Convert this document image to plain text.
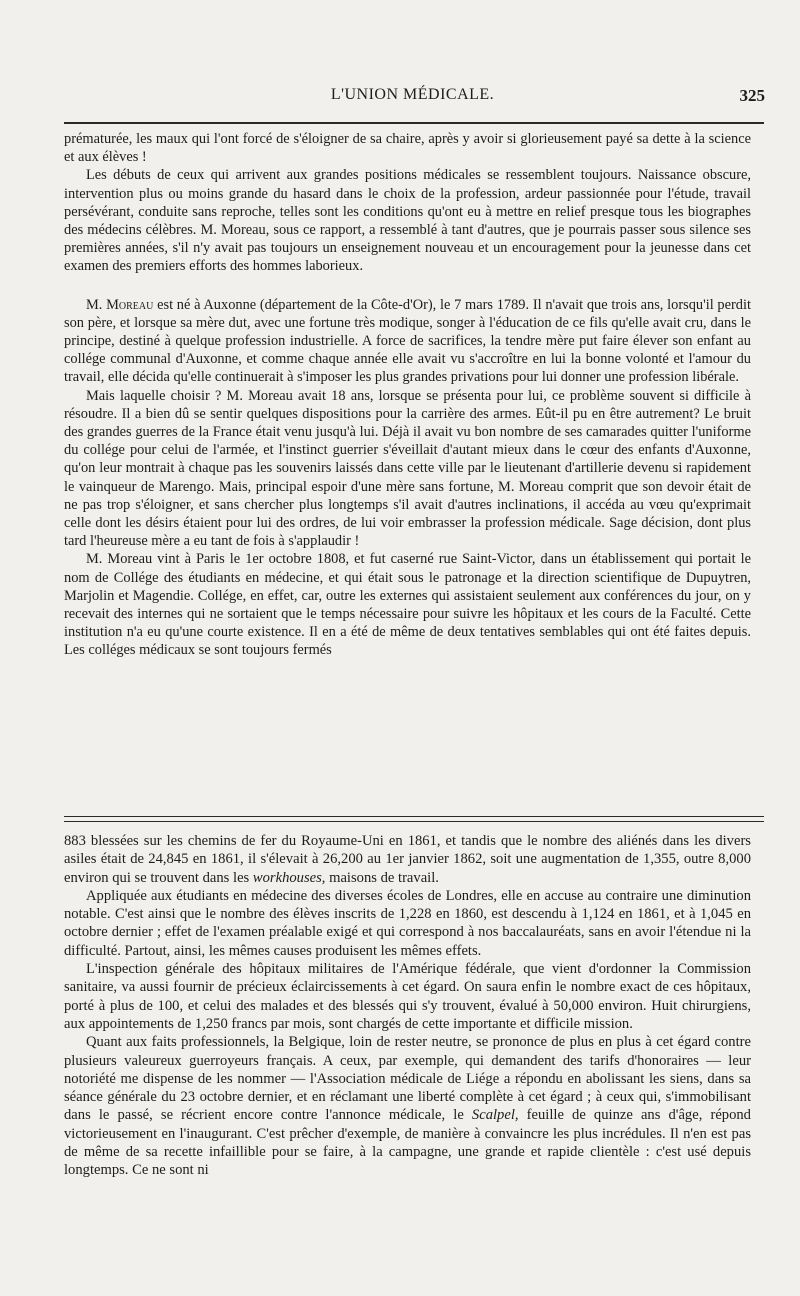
L'UNION MÉDICALE.	325

prématurée, les maux qui l'ont forcé de s'éloigner de sa chaire, après y avoir si glorieusement payé sa dette à la science et aux élèves !

Les débuts de ceux qui arrivent aux grandes positions médicales se ressemblent toujours. Naissance obscure, intervention plus ou moins grande du hasard dans le choix de la profession, ardeur passionnée pour l'étude, travail persévérant, conduite sans reproche, telles sont les conditions qu'ont eu à mettre en relief presque tous les biographes des médecins célèbres. M. Moreau, sous ce rapport, a ressemblé à tant d'autres, que je pourrais passer sous silence ses premières années, s'il n'y avait pas toujours un enseignement nouveau et un encouragement pour la jeunesse dans cet examen des premiers efforts des hommes laborieux.

M. Moreau est né à Auxonne (département de la Côte-d'Or), le 7 mars 1789. Il n'avait que trois ans, lorsqu'il perdit son père, et lorsque sa mère dut, avec une fortune très modique, songer à l'éducation de ce fils qu'elle avait cru, dans le principe, destiné à quelque profession industrielle. A force de sacrifices, la tendre mère put faire élever son enfant au collége communal d'Auxonne, et comme chaque année elle avait vu s'accroître en lui la bonne volonté et l'amour du travail, elle décida qu'elle continuerait à s'imposer les plus grandes privations pour lui donner une profession libérale.

Mais laquelle choisir ? M. Moreau avait 18 ans, lorsque se présenta pour lui, ce problème souvent si difficile à résoudre. Il a bien dû se sentir quelques dispositions pour la carrière des armes. Eût-il pu en être autrement? Le bruit des grandes guerres de la France était venu jusqu'à lui. Déjà il avait vu bon nombre de ses camarades quitter l'uniforme du collége pour celui de l'armée, et l'instinct guerrier s'éveillait d'autant mieux dans le cœur des enfants d'Auxonne, qu'on leur montrait à chaque pas les souvenirs laissés dans cette ville par le lieutenant d'artillerie devenu si rapidement le vainqueur de Marengo. Mais, principal espoir d'une mère sans fortune, M. Moreau comprit que son devoir était de ne pas trop s'éloigner, et sans chercher plus longtemps s'il avait d'autres inclinations, il accéda au vœu qu'exprimait celle dont les désirs étaient pour lui des ordres, de lui voir embrasser la profession médicale. Sage décision, dont plus tard l'heureuse mère a eu tant de fois à s'applaudir !

M. Moreau vint à Paris le 1er octobre 1808, et fut caserné rue Saint-Victor, dans un établissement qui portait le nom de Collége des étudiants en médecine, et qui était sous le patronage et la direction scientifique de Dupuytren, Marjolin et Magendie. Collége, en effet, car, outre les externes qui assistaient seulement aux conférences du jour, on y recevait des internes qui ne sortaient que le temps nécessaire pour suivre les hôpitaux et les cours de la Faculté. Cette institution n'a eu qu'une courte existence. Il en a été de même de deux tentatives semblables qui ont été faites depuis. Les colléges médicaux se sont toujours fermés

883 blessées sur les chemins de fer du Royaume-Uni en 1861, et tandis que le nombre des aliénés dans les divers asiles était de 24,845 en 1861, il s'élevait à 26,200 au 1er janvier 1862, soit une augmentation de 1,355, outre 8,000 environ qui se trouvent dans les workhouses, maisons de travail.

Appliquée aux étudiants en médecine des diverses écoles de Londres, elle en accuse au contraire une diminution notable. C'est ainsi que le nombre des élèves inscrits de 1,228 en 1860, est descendu à 1,124 en 1861, et à 1,045 en octobre dernier ; effet de l'examen préalable exigé et qui correspond à nos baccalauréats, sans en avoir l'étendue ni la difficulté. Partout, ainsi, les mêmes causes produisent les mêmes effets.

L'inspection générale des hôpitaux militaires de l'Amérique fédérale, que vient d'ordonner la Commission sanitaire, va aussi fournir de précieux éclaircissements à cet égard. On saura enfin le nombre exact de ces hôpitaux, porté à plus de 100, et celui des malades et des blessés qui s'y trouvent, évalué à 50,000 environ. Huit chirurgiens, aux appointements de 1,250 francs par mois, sont chargés de cette importante et difficile mission.

Quant aux faits professionnels, la Belgique, loin de rester neutre, se prononce de plus en plus à cet égard contre plusieurs valeureux guerroyeurs français. A ceux, par exemple, qui demandent des tarifs d'honoraires — leur notoriété me dispense de les nommer — l'Association médicale de Liége a répondu en abolissant les siens, dans sa séance générale du 23 octobre dernier, et en réclamant une liberté complète à cet égard ; à ceux qui, s'immobilisant dans le passé, se récrient encore contre l'annonce médicale, le Scalpel, feuille de quinze ans d'âge, répond victorieusement en l'inaugurant. C'est prêcher d'exemple, de manière à convaincre les plus incrédules. Il n'en est pas de même de sa recette infaillible pour se faire, à la campagne, une grande et rapide clientèle : c'est usé depuis longtemps. Ce ne sont ni
